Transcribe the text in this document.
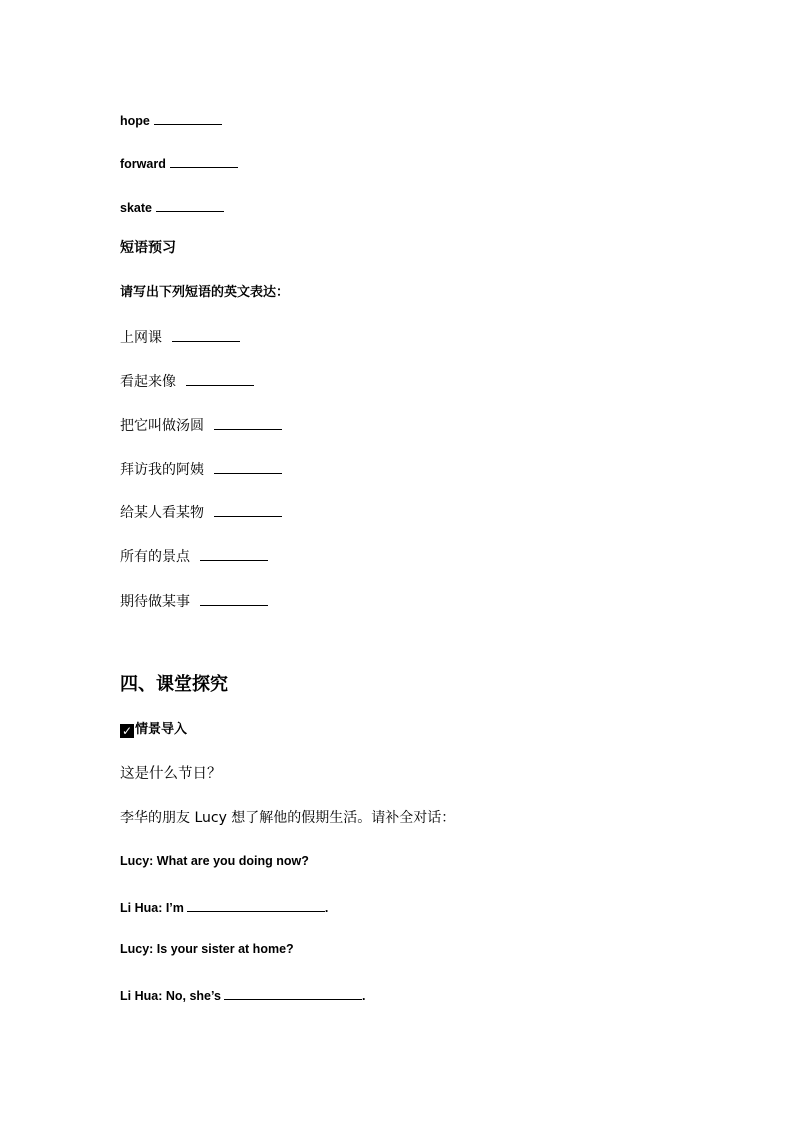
hope
forward
skate
短语预习
请写出下列短语的英文表达：
上网课
看起来像
把它叫做汤圆
拜访我的阿姨
给某人看某物
所有的景点
期待做某事
四、课堂探究
✓ 情景导入
这是什么节日？
李华的朋友 Lucy 想了解他的假期生活。请补全对话：
Lucy: What are you doing now?
Li Hua: I’m	.
Lucy: Is your sister at home?
Li Hua: No, she’s	.
